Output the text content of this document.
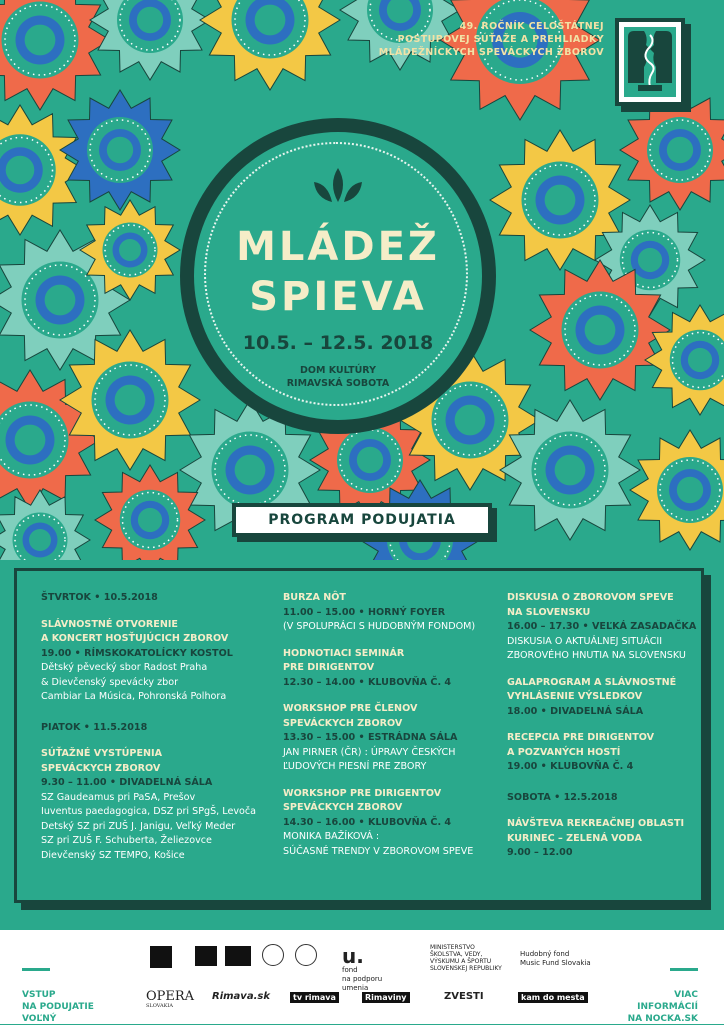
49. ROČNÍK CELOŠTÁTNEJ
POSTUPOVEJ SÚŤAŽE A PREHLIADKY
MLÁDEŽNÍCKYCH SPEVÁCKYCH ZBOROV
MLÁDEŽ
SPIEVA
10.5. – 12.5. 2018
DOM KULTÚRY
RIMAVSKÁ SOBOTA
PROGRAM PODUJATIA
ŠTVRTOK • 10.5.2018
SLÁVNOSTNÉ OTVORENIE
A KONCERT HOSŤUJÚCICH ZBOROV
19.00 • RÍMSKOKATOLÍCKY KOSTOL
Dětský pěvecký sbor Radost Praha
& Dievčenský spevácky zbor
Cambiar La Música, Pohronská Polhora
PIATOK • 11.5.2018
SÚŤAŽNÉ VYSTÚPENIA
SPEVÁCKYCH ZBOROV
9.30 – 11.00 • DIVADELNÁ SÁLA
SZ Gaudeamus pri PaSA, Prešov
Iuventus paedagogica, DSZ pri SPgŠ, Levoča
Detský SZ pri ZUŠ J. Janigu, Veľký Meder
SZ pri ZUŠ F. Schuberta, Želiezovce
Dievčenský SZ TEMPO, Košice
BURZA NÔT
11.00 – 15.00 • HORNÝ FOYER
(V SPOLUPRÁCI S HUDOBNÝM FONDOM)
HODNOTIACI SEMINÁR
PRE DIRIGENTOV
12.30 – 14.00 • KLUBOVŇA Č. 4
WORKSHOP PRE ČLENOV
SPEVÁCKYCH ZBOROV
13.30 – 15.00 • ESTRÁDNA SÁLA
JAN PIRNER (ČR) : ÚPRAVY ČESKÝCH
ĽUDOVÝCH PIESNÍ PRE ZBORY
WORKSHOP PRE DIRIGENTOV
SPEVÁCKYCH ZBOROV
14.30 – 16.00 • KLUBOVŇA Č. 4
MONIKA BAŽÍKOVÁ :
SÚČASNÉ TRENDY V ZBOROVOM SPEVE
DISKUSIA O ZBOROVOM SPEVE
NA SLOVENSKU
16.00 – 17.30 • VEĽKÁ ZASADAČKA
DISKUSIA O AKTUÁLNEJ SITUÁCII
ZBOROVÉHO HNUTIA NA SLOVENSKU
GALAPROGRAM A SLÁVNOSTNÉ
VYHLÁSENIE VÝSLEDKOV
18.00 • DIVADELNÁ SÁLA
RECEPCIA PRE DIRIGENTOV
A POZVANÝCH HOSTÍ
19.00 • KLUBOVŇA Č. 4
SOBOTA • 12.5.2018
NÁVŠTEVA REKREAČNEJ OBLASTI
KURINEC – ZELENÁ VODA
9.00 – 12.00
VSTUP
NA PODUJATIE
VOĽNÝ
u.
fond
na podporu
umenia
MINISTERSTVO
ŠKOLSTVA, VEDY,
VÝSKUMU A ŠPORTU
SLOVENSKEJ REPUBLIKY
Hudobný fond
Music Fund Slovakia
OPERA
SLOVAKIA
Rimava.sk	tv rimava	Rimaviny	ZVESTI	kam do mesta	VIAC
INFORMÁCIÍ
NA NOCKA.SK
